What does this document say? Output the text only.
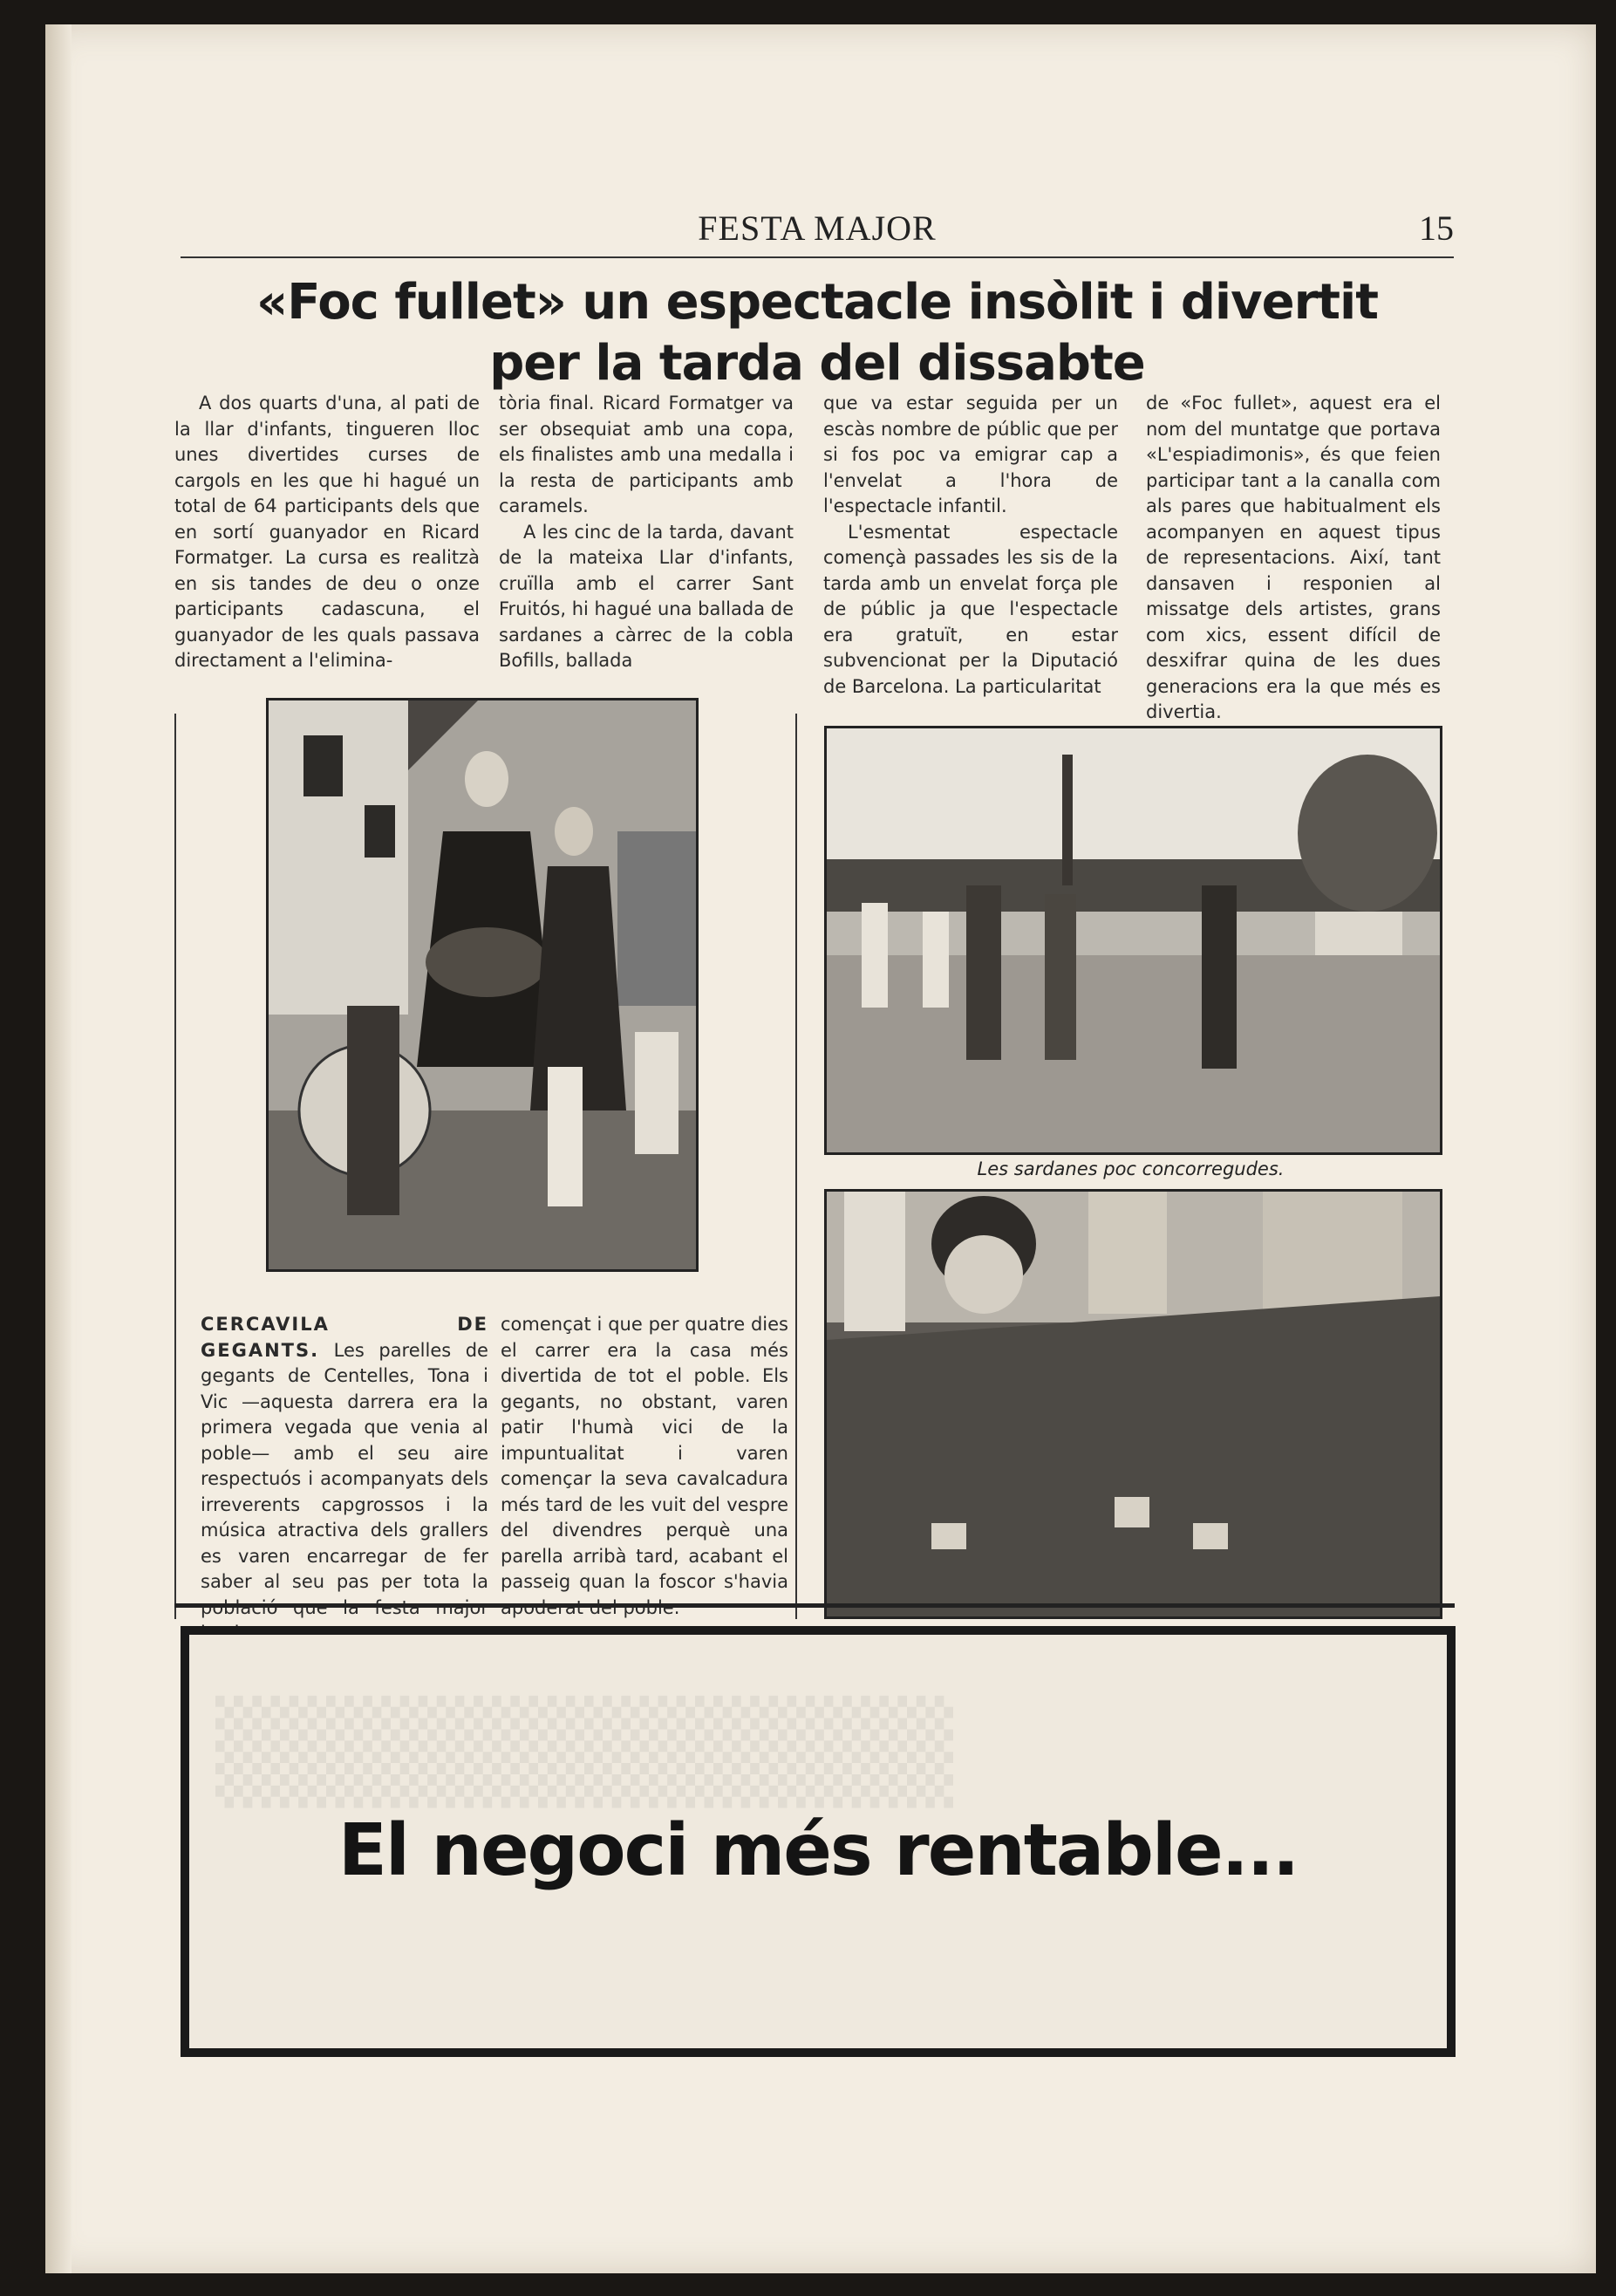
FESTA MAJOR	15
«Foc fullet» un espectacle insòlit i divertit
per la tarda del dissabte

A dos quarts d'una, al pati de la llar d'infants, tingueren lloc unes divertides curses de cargols en les que hi hagué un total de 64 participants dels que en sortí guanyador en Ricard Formatger. La cursa es realitzà en sis tandes de deu o onze participants cadascuna, el guanyador de les quals passava directament a l'elimina-

tòria final. Ricard Formatger va ser obsequiat amb una copa, els finalistes amb una medalla i la resta de participants amb caramels.

A les cinc de la tarda, davant de la mateixa Llar d'infants, cruïlla amb el carrer Sant Fruitós, hi hagué una ballada de sardanes a càrrec de la cobla Bofills, ballada

que va estar seguida per un escàs nombre de públic que per si fos poc va emigrar cap a l'envelat a l'hora de l'espectacle infantil.

L'esmentat espectacle començà passades les sis de la tarda amb un envelat força ple de públic ja que l'espectacle era gratuït, en estar subvencionat per la Diputació de Barcelona. La particularitat

de «Foc fullet», aquest era el nom del muntatge que portava «L'espiadimonis», és que feien participar tant a la canalla com als pares que habitualment els acompanyen en aquest tipus de representacions. Així, tant dansaven i responien al missatge dels artistes, grans com xics, essent difícil de desxifrar quina de les dues generacions era la que més es divertia.

Les sardanes poc concorregudes.

CERCAVILA DE GEGANTS. Les parelles de gegants de Centelles, Tona i Vic —aquesta darrera era la primera vegada que venia al poble— amb el seu aire respectuós i acompanyats dels irreverents capgrossos i la música atractiva dels grallers es varen encarregar de fer saber al seu pas per tota la

començat i que per quatre dies el carrer era la casa més divertida de tot el poble. Els gegants, no obstant, varen patir l'humà vici de la impuntualitat i varen començar la seva cavalcadura més tard de les vuit del vespre del divendres perquè una parella arribà tard, acabant el passeig quan la foscor s'havia

▒▒▒▒▒▒▒▒▒▒
El negoci més rentable...
